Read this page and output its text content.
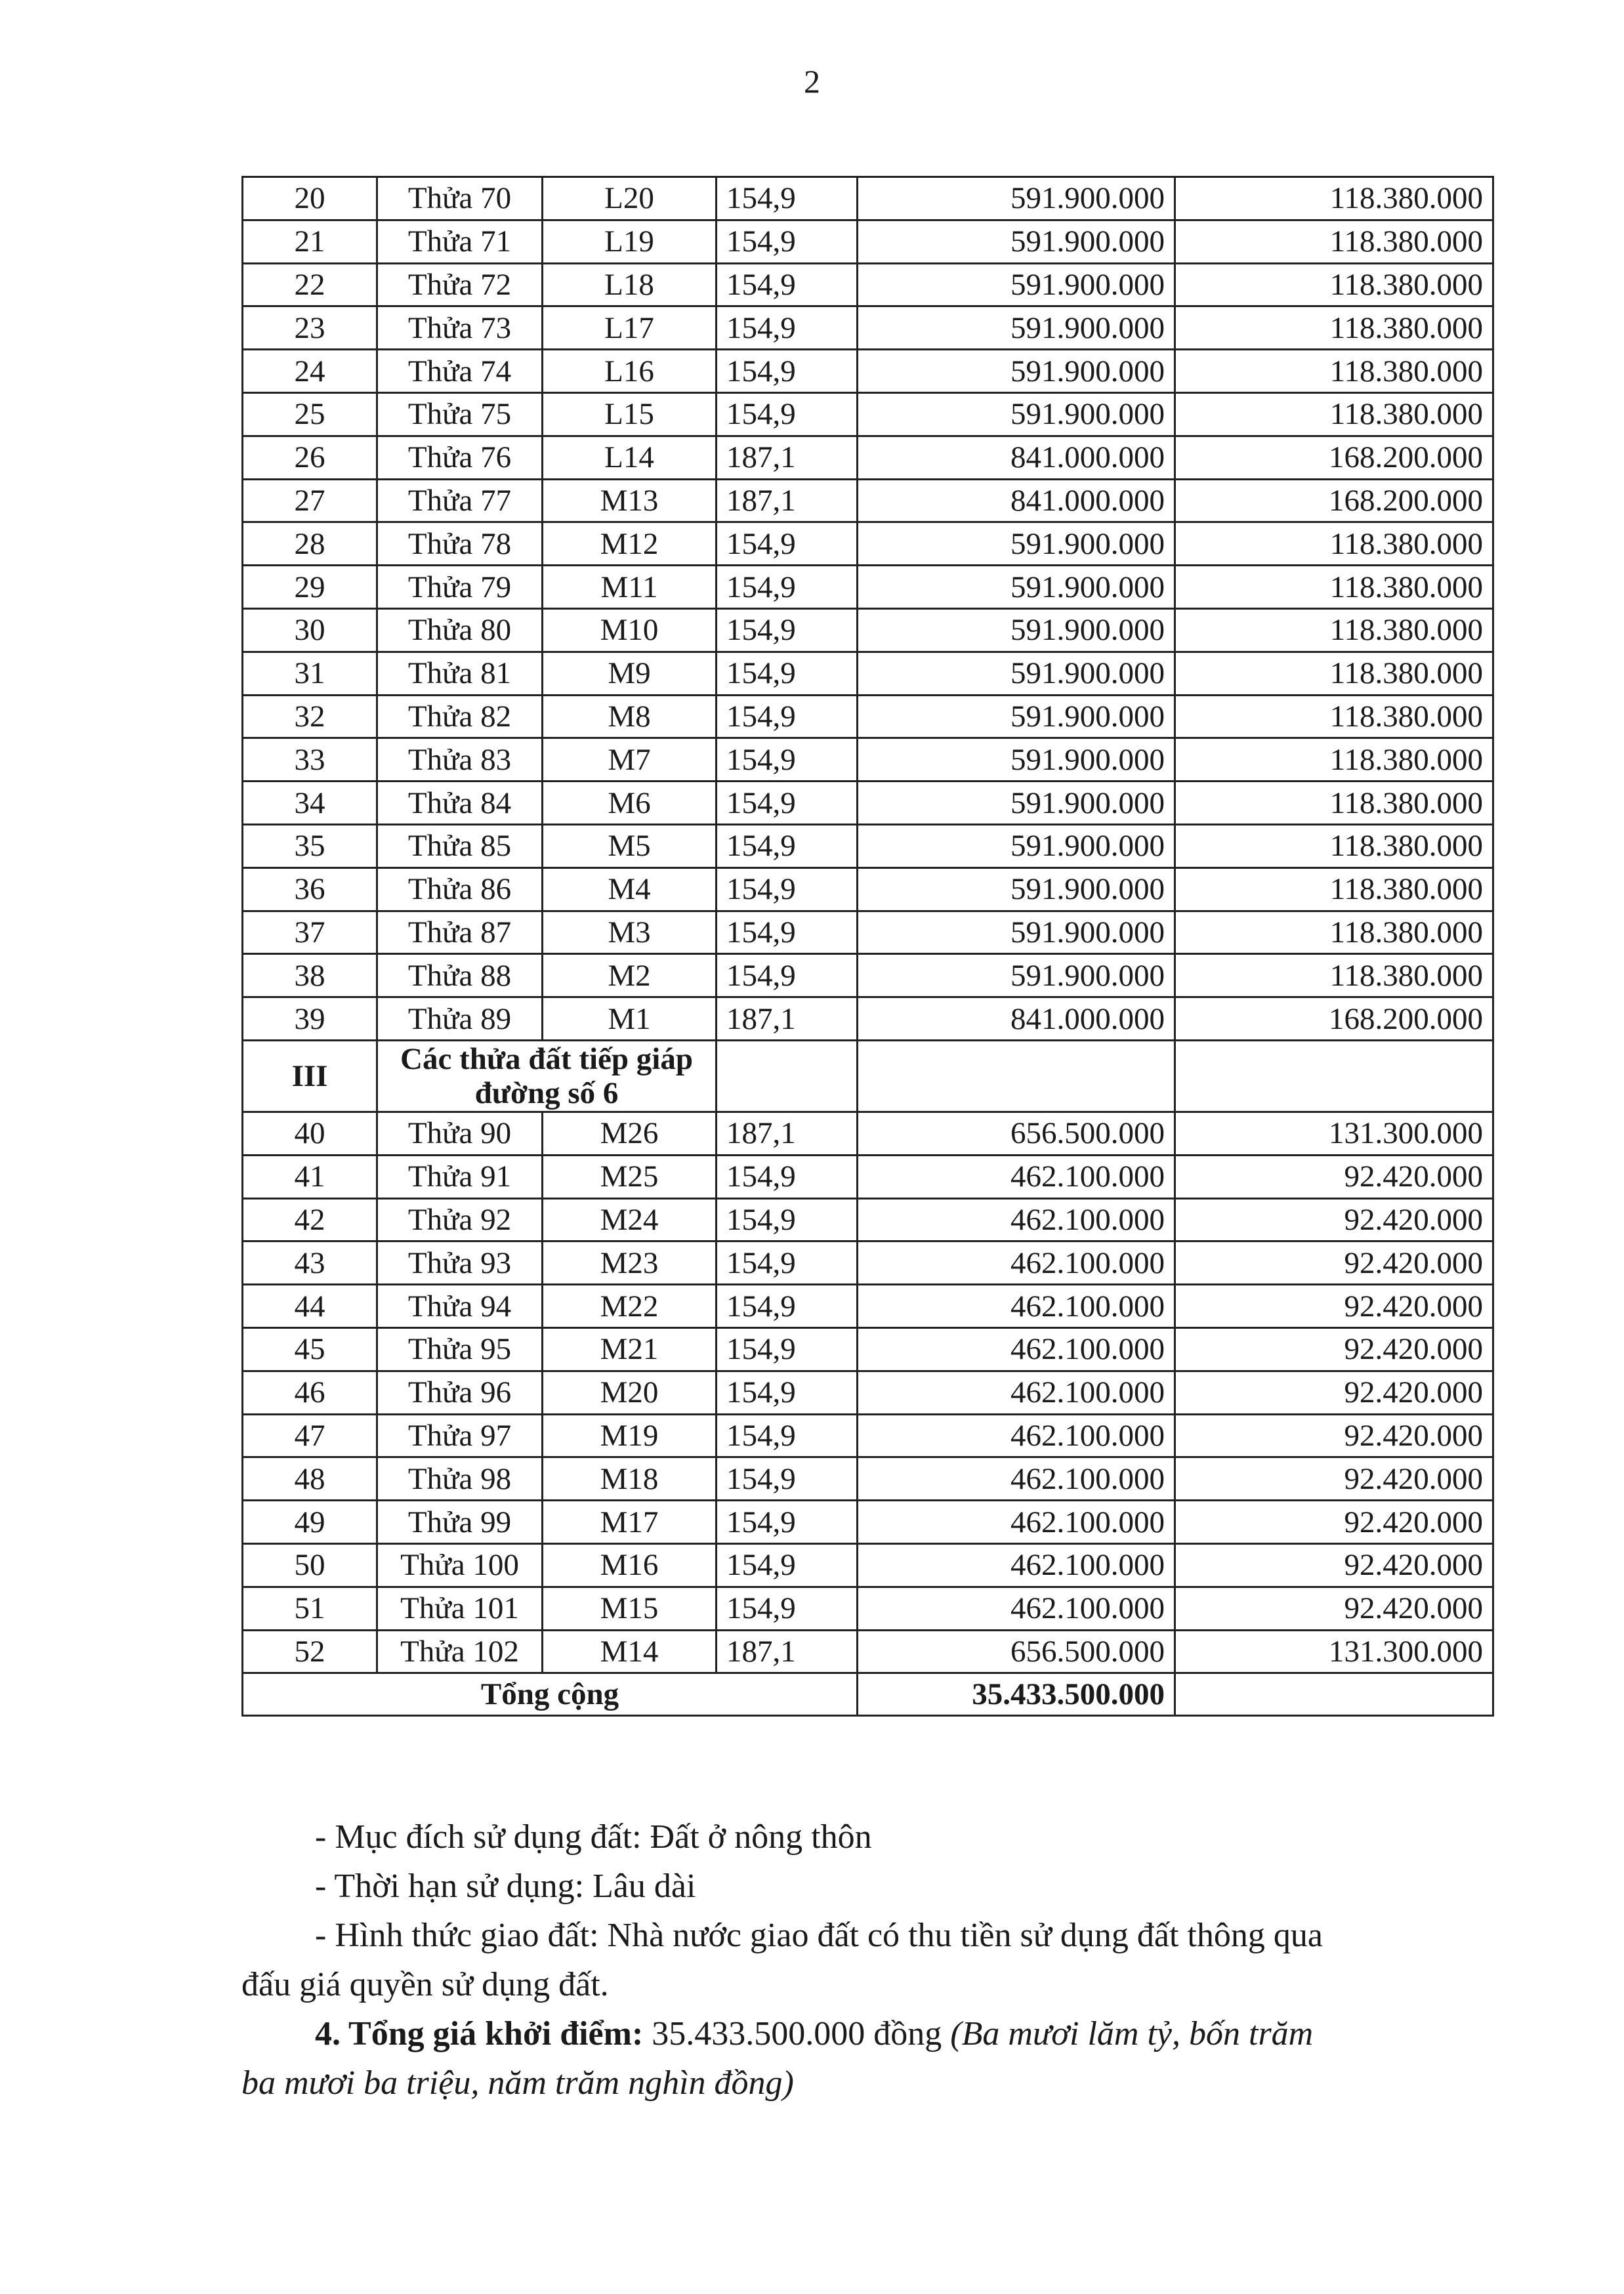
2
20	Thửa 70	L20	154,9	591.900.000	118.380.000
21	Thửa 71	L19	154,9	591.900.000	118.380.000
22	Thửa 72	L18	154,9	591.900.000	118.380.000
23	Thửa 73	L17	154,9	591.900.000	118.380.000
24	Thửa 74	L16	154,9	591.900.000	118.380.000
25	Thửa 75	L15	154,9	591.900.000	118.380.000
26	Thửa 76	L14	187,1	841.000.000	168.200.000
27	Thửa 77	M13	187,1	841.000.000	168.200.000
28	Thửa 78	M12	154,9	591.900.000	118.380.000
29	Thửa 79	M11	154,9	591.900.000	118.380.000
30	Thửa 80	M10	154,9	591.900.000	118.380.000
31	Thửa 81	M9	154,9	591.900.000	118.380.000
32	Thửa 82	M8	154,9	591.900.000	118.380.000
33	Thửa 83	M7	154,9	591.900.000	118.380.000
34	Thửa 84	M6	154,9	591.900.000	118.380.000
35	Thửa 85	M5	154,9	591.900.000	118.380.000
36	Thửa 86	M4	154,9	591.900.000	118.380.000
37	Thửa 87	M3	154,9	591.900.000	118.380.000
38	Thửa 88	M2	154,9	591.900.000	118.380.000
39	Thửa 89	M1	187,1	841.000.000	168.200.000
III	Các thửa đất tiếp giáp đường số 6				
40	Thửa 90	M26	187,1	656.500.000	131.300.000
41	Thửa 91	M25	154,9	462.100.000	92.420.000
42	Thửa 92	M24	154,9	462.100.000	92.420.000
43	Thửa 93	M23	154,9	462.100.000	92.420.000
44	Thửa 94	M22	154,9	462.100.000	92.420.000
45	Thửa 95	M21	154,9	462.100.000	92.420.000
46	Thửa 96	M20	154,9	462.100.000	92.420.000
47	Thửa 97	M19	154,9	462.100.000	92.420.000
48	Thửa 98	M18	154,9	462.100.000	92.420.000
49	Thửa 99	M17	154,9	462.100.000	92.420.000
50	Thửa 100	M16	154,9	462.100.000	92.420.000
51	Thửa 101	M15	154,9	462.100.000	92.420.000
52	Thửa 102	M14	187,1	656.500.000	131.300.000
Tổng cộng				35.433.500.000	

- Mục đích sử dụng đất: Đất ở nông thôn

- Thời hạn sử dụng: Lâu dài

- Hình thức giao đất: Nhà nước giao đất có thu tiền sử dụng đất thông qua

đấu giá quyền sử dụng đất.

4. Tổng giá khởi điểm: 35.433.500.000 đồng (Ba mươi lăm tỷ, bốn trăm

ba mươi ba triệu, năm trăm nghìn đồng)
